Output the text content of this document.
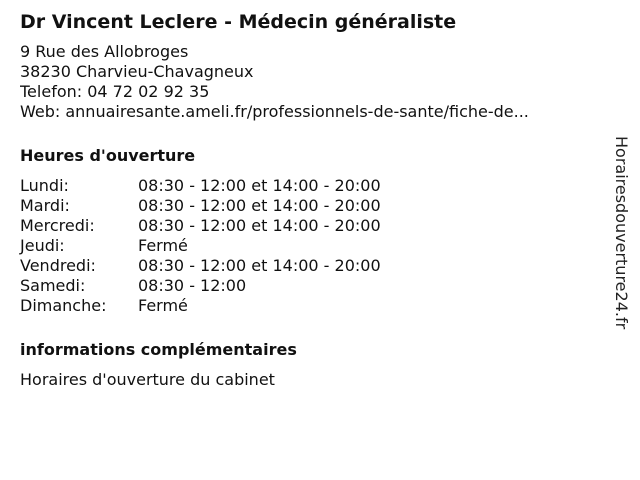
Dr Vincent Leclere - Médecin généraliste
9 Rue des Allobroges
38230 Charvieu-Chavagneux
Telefon: 04 72 02 92 35
Web: annuairesante.ameli.fr/professionnels-de-sante/fiche-de...
Heures d'ouverture
Lundi:	08:30 - 12:00 et 14:00 - 20:00
Mardi:	08:30 - 12:00 et 14:00 - 20:00
Mercredi:	08:30 - 12:00 et 14:00 - 20:00
Jeudi:	Fermé
Vendredi:	08:30 - 12:00 et 14:00 - 20:00
Samedi:	08:30 - 12:00
Dimanche:	Fermé
informations complémentaires
Horaires d'ouverture du cabinet
Horairesdouverture24.fr
